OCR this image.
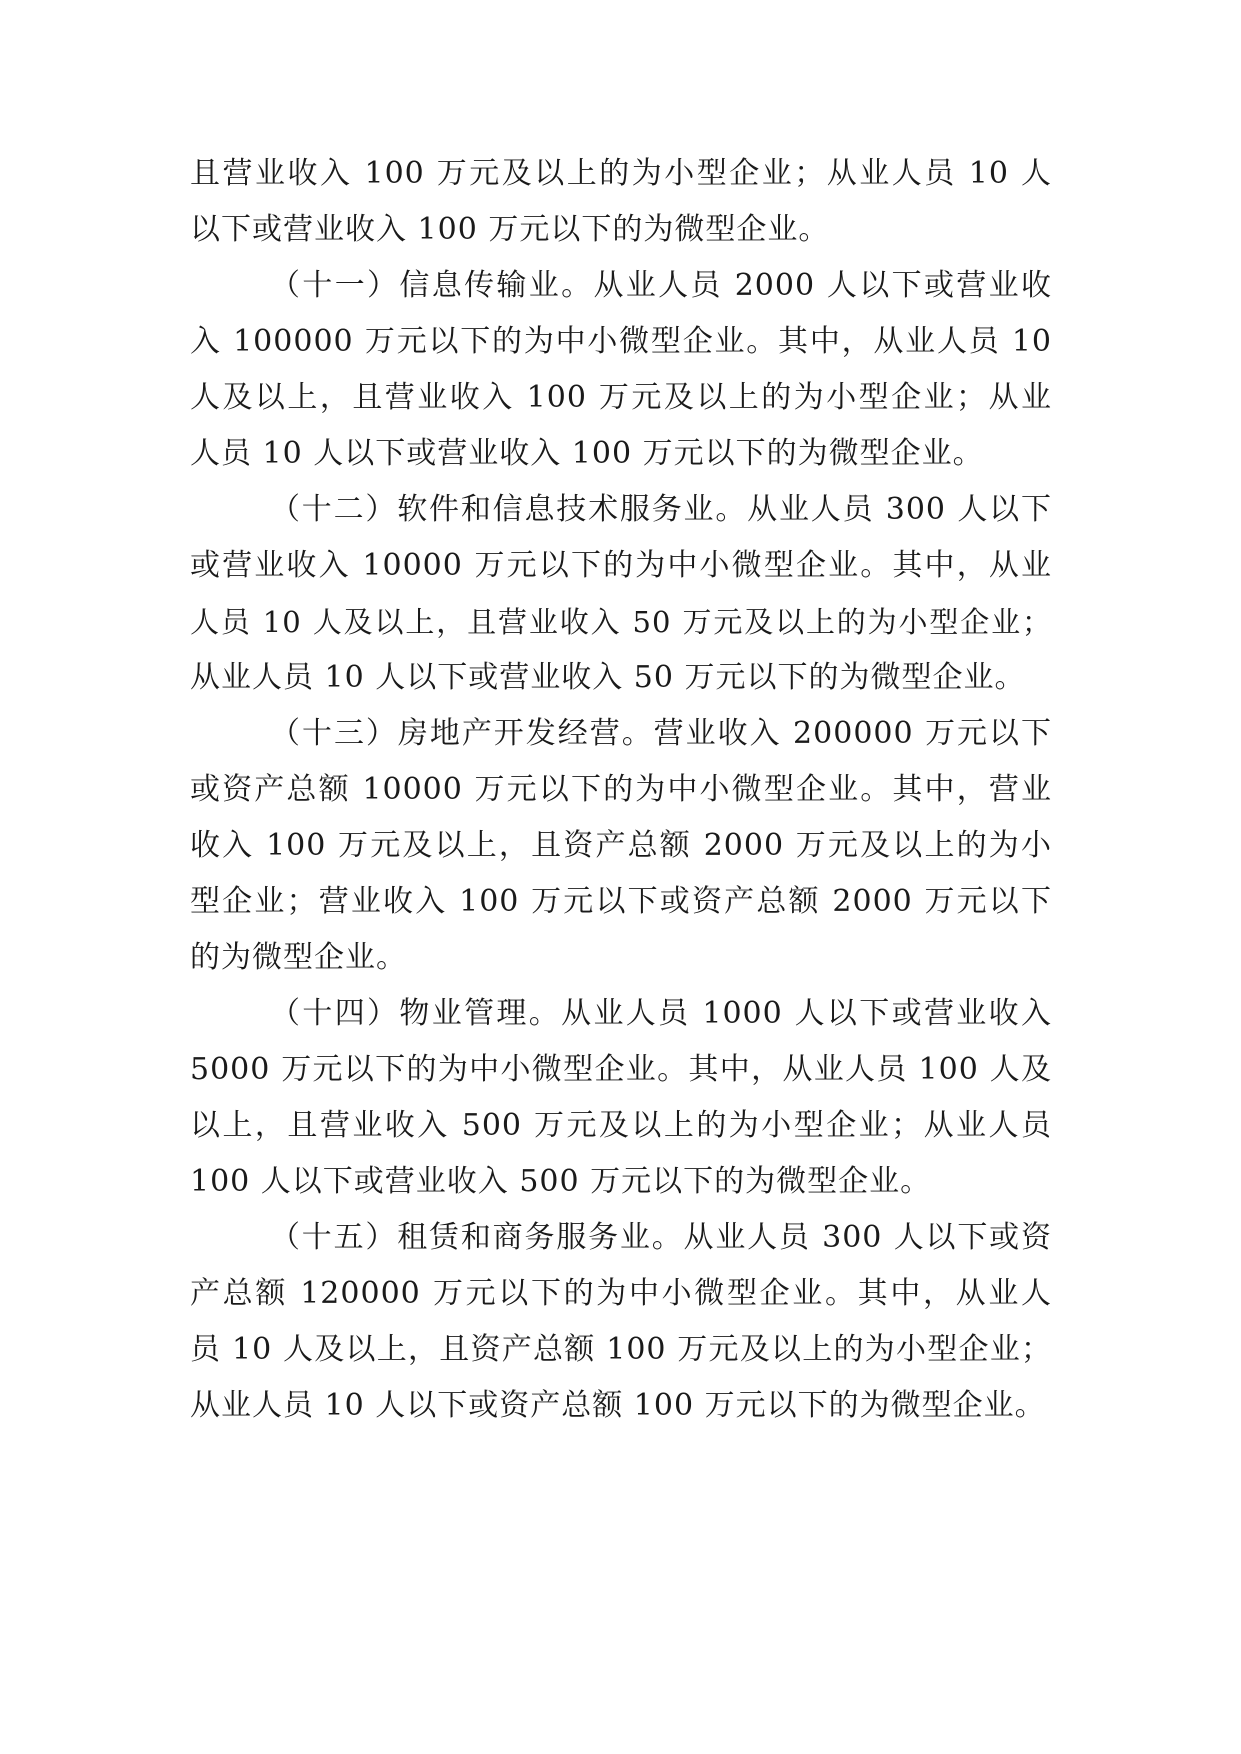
且营业收入 100 万元及以上的为小型企业；从业人员 10 人
以下或营业收入 100 万元以下的为微型企业。
（十一）信息传输业。从业人员 2000 人以下或营业收
入 100000 万元以下的为中小微型企业。其中，从业人员 10
人及以上，且营业收入 100 万元及以上的为小型企业；从业
人员 10 人以下或营业收入 100 万元以下的为微型企业。
（十二）软件和信息技术服务业。从业人员 300 人以下
或营业收入 10000 万元以下的为中小微型企业。其中，从业
人员 10 人及以上，且营业收入 50 万元及以上的为小型企业；
从业人员 10 人以下或营业收入 50 万元以下的为微型企业。
（十三）房地产开发经营。营业收入 200000 万元以下
或资产总额 10000 万元以下的为中小微型企业。其中，营业
收入 100 万元及以上，且资产总额 2000 万元及以上的为小
型企业；营业收入 100 万元以下或资产总额 2000 万元以下
的为微型企业。
（十四）物业管理。从业人员 1000 人以下或营业收入
5000 万元以下的为中小微型企业。其中，从业人员 100 人及
以上，且营业收入 500 万元及以上的为小型企业；从业人员
100 人以下或营业收入 500 万元以下的为微型企业。
（十五）租赁和商务服务业。从业人员 300 人以下或资
产总额 120000 万元以下的为中小微型企业。其中，从业人
员 10 人及以上，且资产总额 100 万元及以上的为小型企业；
从业人员 10 人以下或资产总额 100 万元以下的为微型企业。
